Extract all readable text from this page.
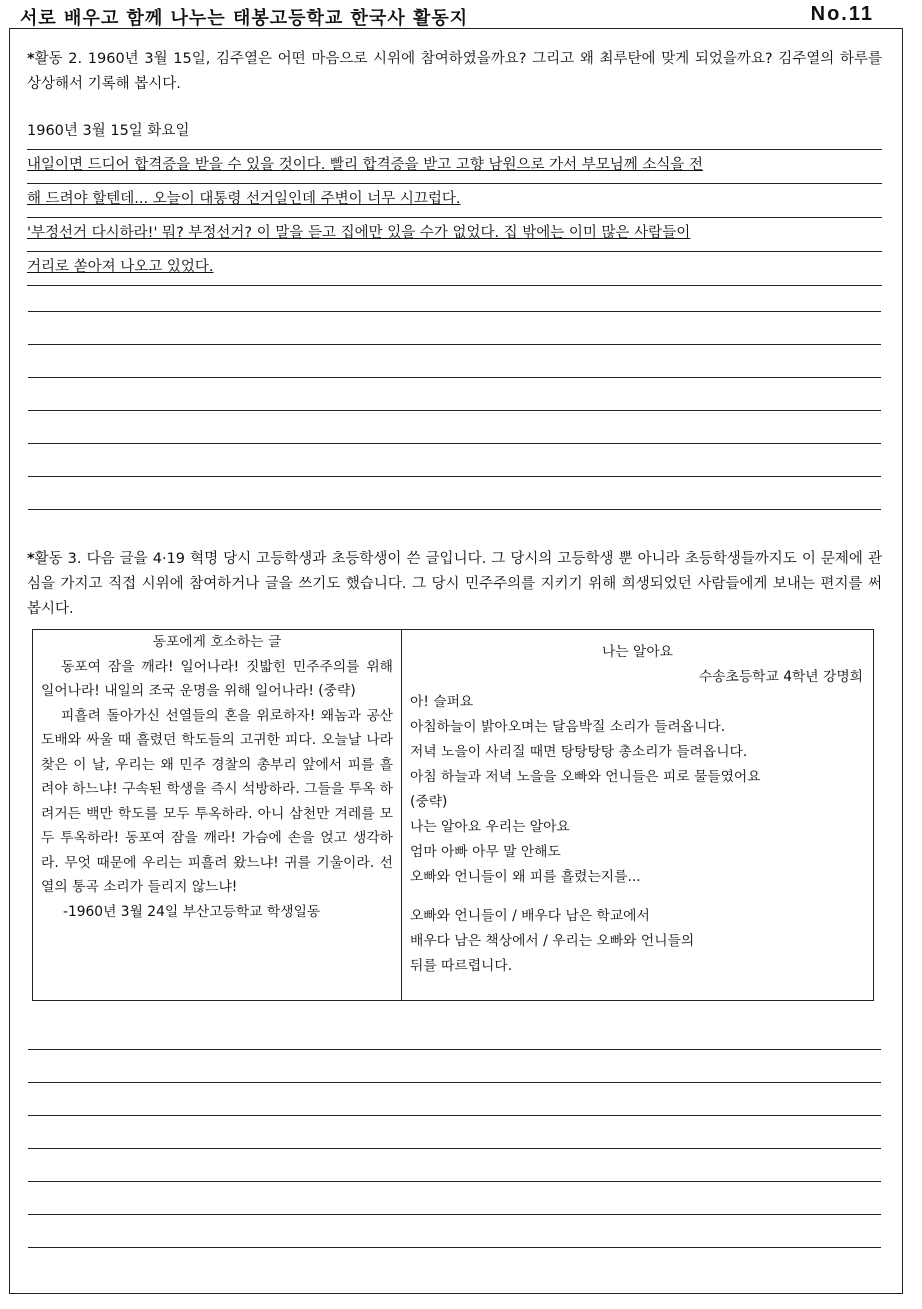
서로 배우고 함께 나누는 태봉고등학교 한국사 활동지	No.11
*활동 2. 1960년 3월 15일, 김주열은 어떤 마음으로 시위에 참여하였을까요? 그리고 왜 최루탄에 맞게 되었을까요? 김주열의 하루를 상상해서 기록해 봅시다.
1960년 3월 15일 화요일
내일이면 드디어 합격증을 받을 수 있을 것이다. 빨리 합격증을 받고 고향 남원으로 가서 부모님께 소식을 전
해 드려야 할텐데... 오늘이 대통령 선거일인데 주변이 너무 시끄럽다.
'부정선거 다시하라!' 뭐? 부정선거? 이 말을 듣고 집에만 있을 수가 없었다. 집 밖에는 이미 많은 사람들이
거리로 쏟아져 나오고 있었다.
*활동 3. 다음 글을 4·19 혁명 당시 고등학생과 초등학생이 쓴 글입니다. 그 당시의 고등학생 뿐 아니라 초등학생들까지도 이 문제에 관심을 가지고 직접 시위에 참여하거나 글을 쓰기도 했습니다. 그 당시 민주주의를 지키기 위해 희생되었던 사람들에게 보내는 편지를 써 봅시다.
동포에게 호소하는 글
동포여 잠을 깨라! 일어나라! 짓밟힌 민주주의를 위해 일어나라! 내일의 조국 운명을 위해 일어나라! (중략)
피흘려 돌아가신 선열들의 혼을 위로하자! 왜놈과 공산도배와 싸울 때 흘렸던 학도들의 고귀한 피다. 오늘날 나라 찾은 이 날, 우리는 왜 민주 경찰의 총부리 앞에서 피를 흘려야 하느냐! 구속된 학생을 즉시 석방하라. 그들을 투옥 하려거든 백만 학도를 모두 투옥하라. 아니 삼천만 겨레를 모두 투옥하라! 동포여 잠을 깨라! 가슴에 손을 얹고 생각하라. 무엇 때문에 우리는 피흘려 왔느냐! 귀를 기울이라. 선열의 통곡 소리가 들리지 않느냐!
-1960년 3월 24일 부산고등학교 학생일동
나는 알아요
수송초등학교 4학년 강명희
아! 슬퍼요
아침하늘이 밝아오며는 달음박질 소리가 들려옵니다.
저녁 노을이 사리질 때면 탕탕탕탕 총소리가 들려옵니다.
아침 하늘과 저녁 노을을 오빠와 언니들은 피로 물들였어요
(중략)
나는 알아요 우리는 알아요
엄마 아빠 아무 말 안해도
오빠와 언니들이 왜 피를 흘렸는지를...
오빠와 언니들이 / 배우다 남은 학교에서
배우다 남은 책상에서 / 우리는 오빠와 언니들의
뒤를 따르렵니다.
